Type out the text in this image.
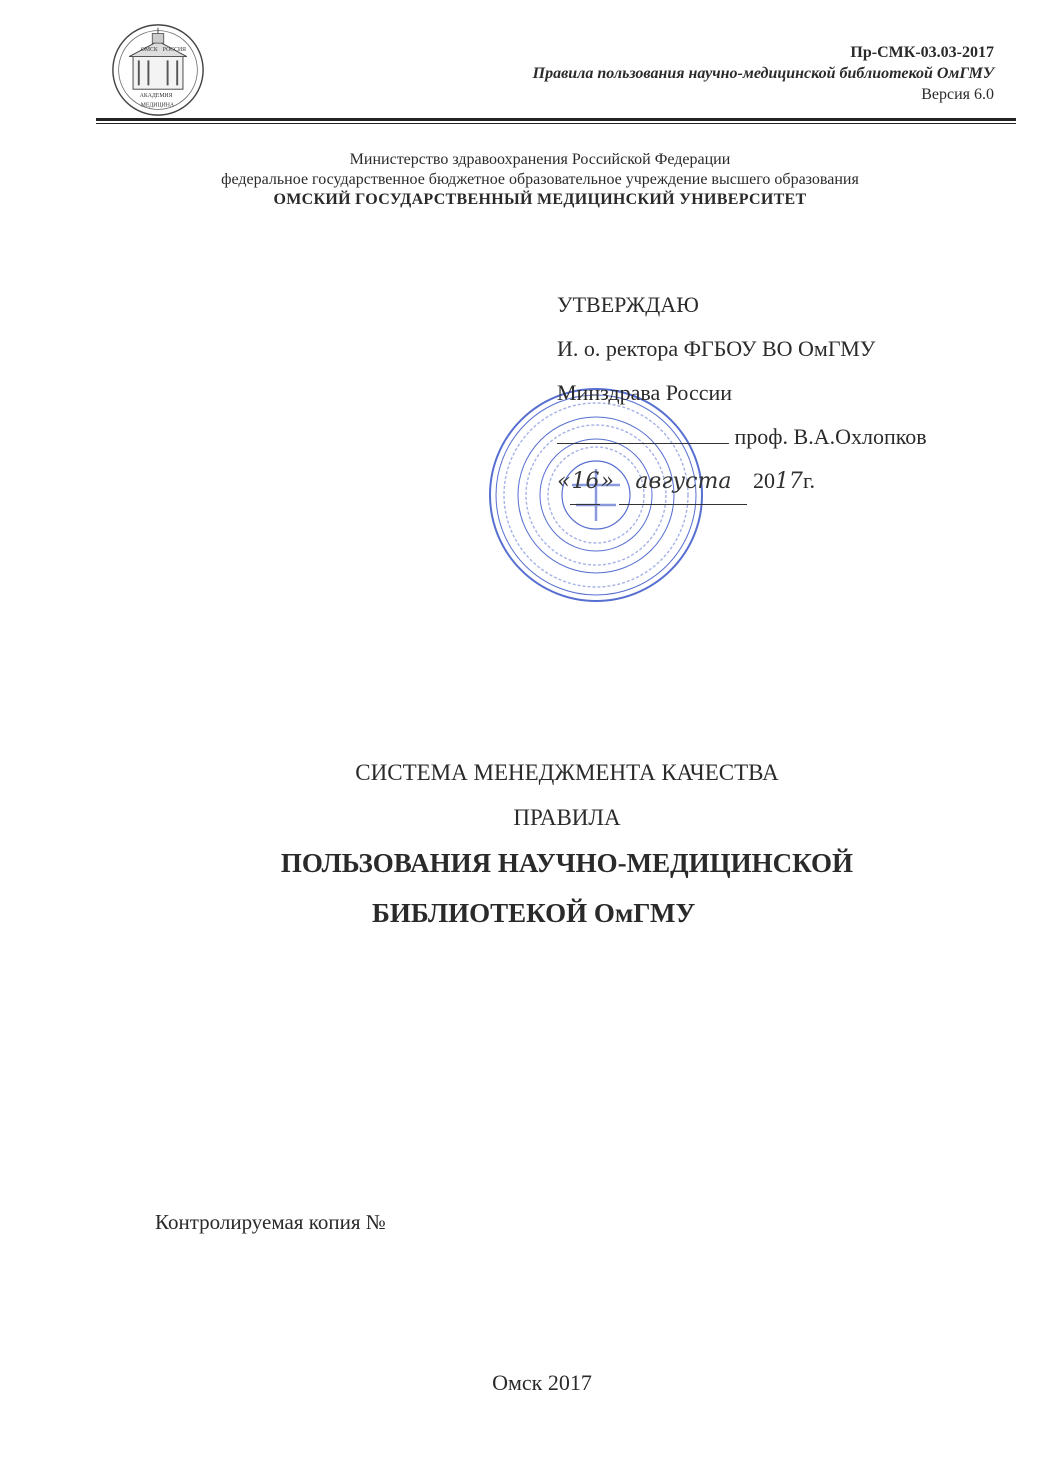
ОМСК РОССИЯ
АКАДЕМИЯ
МЕДИЦИНА
Пр-СМК-03.03-2017
Правила пользования научно-медицинской библиотекой ОмГМУ
Версия 6.0
Министерство здравоохранения Российской Федерации
федеральное государственное бюджетное образовательное учреждение высшего образования
ОМСКИЙ ГОСУДАРСТВЕННЫЙ МЕДИЦИНСКИЙ УНИВЕРСИТЕТ
УТВЕРЖДАЮ
И. о. ректора ФГБОУ ВО ОмГМУ
Минздрава России
проф. В.А.Охлопков
«16» августа 2017г.
СИСТЕМА МЕНЕДЖМЕНТА КАЧЕСТВА
ПРАВИЛА
ПОЛЬЗОВАНИЯ НАУЧНО-МЕДИЦИНСКОЙ
БИБЛИОТЕКОЙ ОмГМУ
Контролируемая копия №
Омск 2017
